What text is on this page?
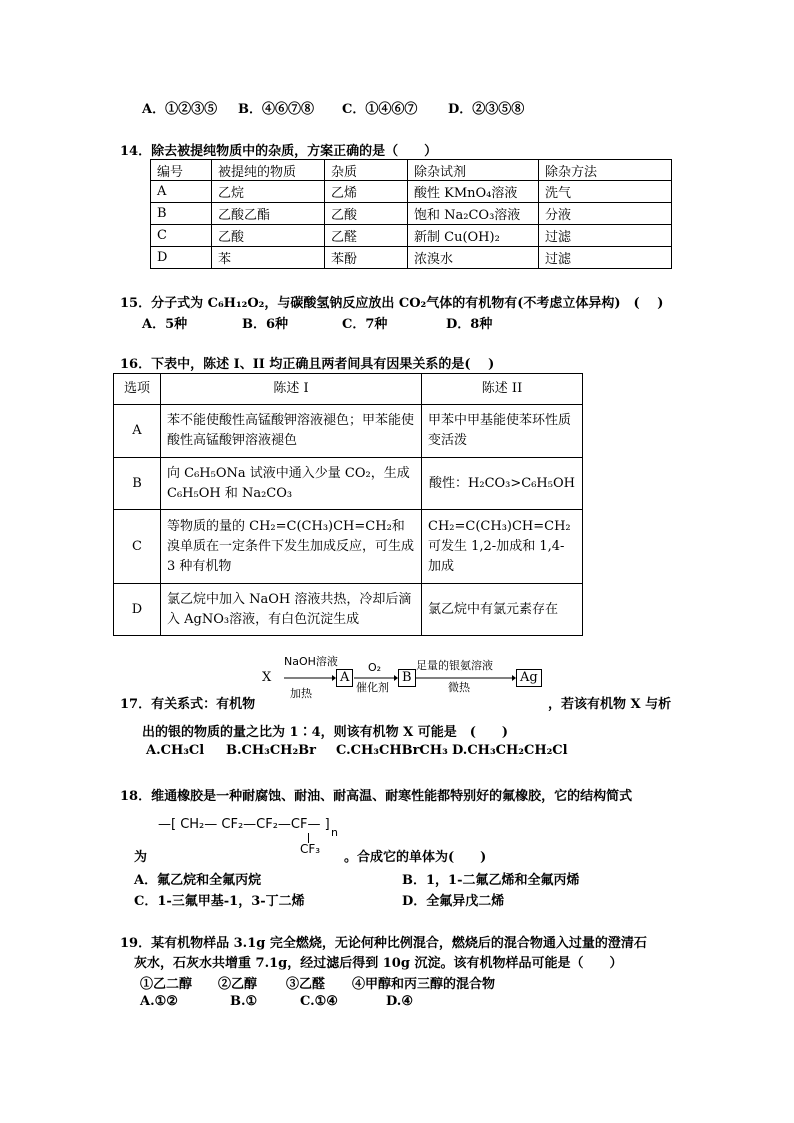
A．①②③⑤ B．④⑥⑦⑧ C．①④⑥⑦ D．②③⑤⑧
14．除去被提纯物质中的杂质，方案正确的是（　　）
编号	被提纯的物质	杂质	除杂试剂	除杂方法
A	乙烷	乙烯	酸性 KMnO₄溶液	洗气
B	乙酸乙酯	乙酸	饱和 Na₂CO₃溶液	分液
C	乙酸	乙醛	新制 Cu(OH)₂	过滤
D	苯	苯酚	浓溴水	过滤
15．分子式为 C₆H₁₂O₂，与碳酸氢钠反应放出 CO₂气体的有机物有(不考虑立体异构)　(　 )
A．5种	B．6种	C．7种	D．8种
16．下表中，陈述 I、II 均正确且两者间具有因果关系的是(　 )
选项	陈述 I	陈述 II
A	苯不能使酸性高锰酸钾溶液褪色；甲苯能使酸性高锰酸钾溶液褪色	甲苯中甲基能使苯环性质变活泼
B	向 C₆H₅ONa 试液中通入少量 CO₂，生成 C₆H₅OH 和 Na₂CO₃	酸性：H₂CO₃>C₆H₅OH
C	等物质的量的 CH₂=C(CH₃)CH=CH₂和溴单质在一定条件下发生加成反应，可生成 3 种有机物	CH₂=C(CH₃)CH=CH₂ 可发生 1,2-加成和 1,4-加成
D	氯乙烷中加入 NaOH 溶液共热，冷却后滴入 AgNO₃溶液，有白色沉淀生成	氯乙烷中有氯元素存在
X
NaOH溶液
加热
A
O₂
催化剂
B
足量的银氨溶液
微热
Ag
17．有关系式：有机物	，若该有机物 X 与析
出的银的物质的量之比为 1∶4，则该有机物 X 可能是　(　　)
A.CH₃Cl B.CH₃CH₂Br C.CH₃CHBrCH₃ D.CH₃CH₂CH₂Cl
18．维通橡胶是一种耐腐蚀、耐油、耐高温、耐寒性能都特别好的氟橡胶，它的结构简式
—[ CH₂— CF₂—CF₂—CF— ]
n
CF₃
为	。合成它的单体为(　　)
A．氟乙烷和全氟丙烷	B．1，1-二氟乙烯和全氟丙烯
C．1-三氟甲基-1，3-丁二烯	D．全氟异戊二烯
19．某有机物样品 3.1g 完全燃烧，无论何种比例混合，燃烧后的混合物通入过量的澄清石
灰水，石灰水共增重 7.1g，经过滤后得到 10g 沉淀。该有机物样品可能是（　　）
①乙二醇 ②乙醇 ③乙醛 ④甲醇和丙三醇的混合物
A.①②	B.①	C.①④	D.④
